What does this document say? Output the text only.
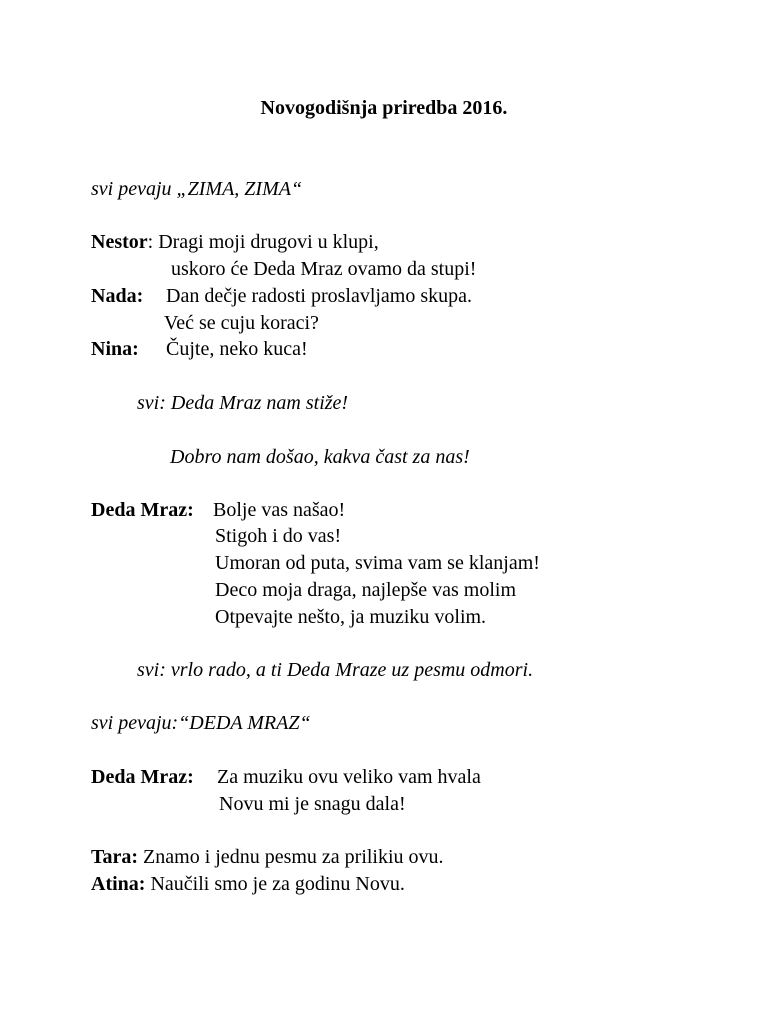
Novogodišnja priredba 2016.
svi pevaju „ZIMA, ZIMA“
Nestor: Dragi moji drugovi u klupi,
uskoro će Deda Mraz ovamo da stupi!
Nada: Dan dečje radosti proslavljamo skupa.
Već se cuju koraci?
Nina: Čujte, neko kuca!
svi: Deda Mraz nam stiže!
Dobro nam došao, kakva čast za nas!
Deda Mraz: Bolje vas našao!
Stigoh i do vas!
Umoran od puta, svima vam se klanjam!
Deco moja draga, najlepše vas molim
Otpevajte nešto, ja muziku volim.
svi: vrlo rado, a ti Deda Mraze uz pesmu odmori.
svi pevaju:“DEDA MRAZ“
Deda Mraz: Za muziku ovu veliko vam hvala
Novu mi je snagu dala!
Tara: Znamo i jednu pesmu za prilikiu ovu.
Atina: Naučili smo je za godinu Novu.
